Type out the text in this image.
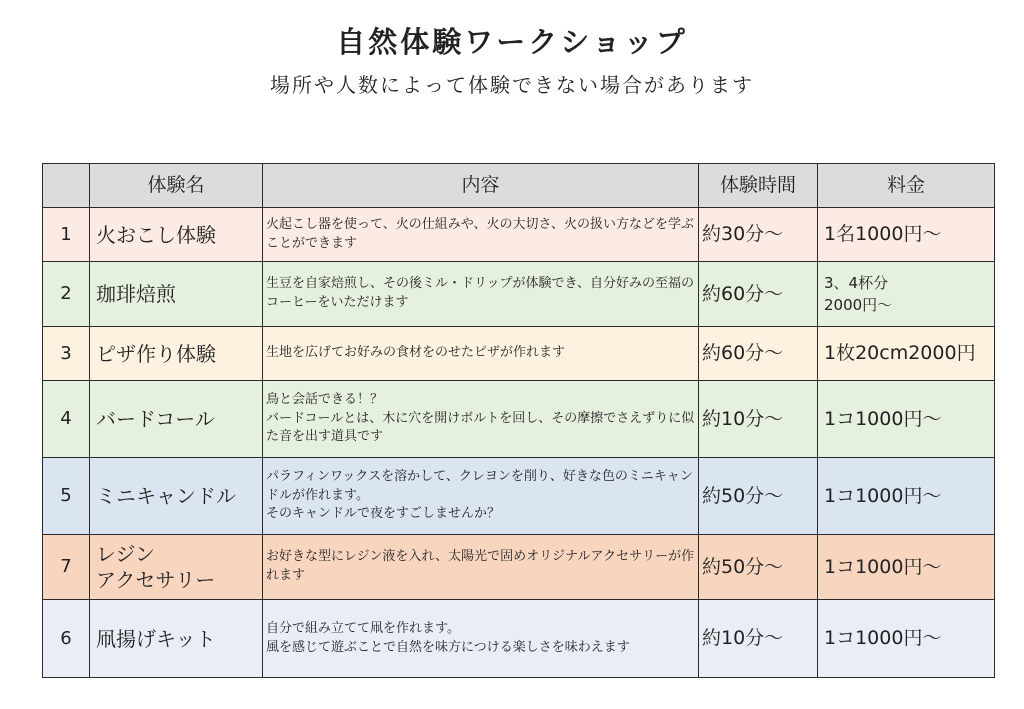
自然体験ワークショップ
場所や人数によって体験できない場合があります
	体験名	内容	体験時間	料金
1	火おこし体験	火起こし器を使って、火の仕組みや、火の大切さ、火の扱い方などを学ぶことができます	約30分〜	1名1000円〜
2	珈琲焙煎	生豆を自家焙煎し、その後ミル・ドリップが体験でき、自分好みの至福のコーヒーをいただけます	約60分〜	3、4杯分
2000円〜
3	ピザ作り体験	生地を広げてお好みの食材をのせたピザが作れます	約60分〜	1枚20cm2000円
4	バードコール	鳥と会話できる！？
バードコールとは、木に穴を開けボルトを回し、その摩擦でさえずりに似た音を出す道具です	約10分〜	1コ1000円〜
5	ミニキャンドル	パラフィンワックスを溶かして、クレヨンを削り、好きな色のミニキャンドルが作れます。
そのキャンドルで夜をすごしませんか？	約50分〜	1コ1000円〜
7	レジン
アクセサリー	お好きな型にレジン液を入れ、太陽光で固めオリジナルアクセサリーが作れます	約50分〜	1コ1000円〜
6	凧揚げキット	自分で組み立てて凧を作れます。
風を感じて遊ぶことで自然を味方につける楽しさを味わえます	約10分〜	1コ1000円〜
